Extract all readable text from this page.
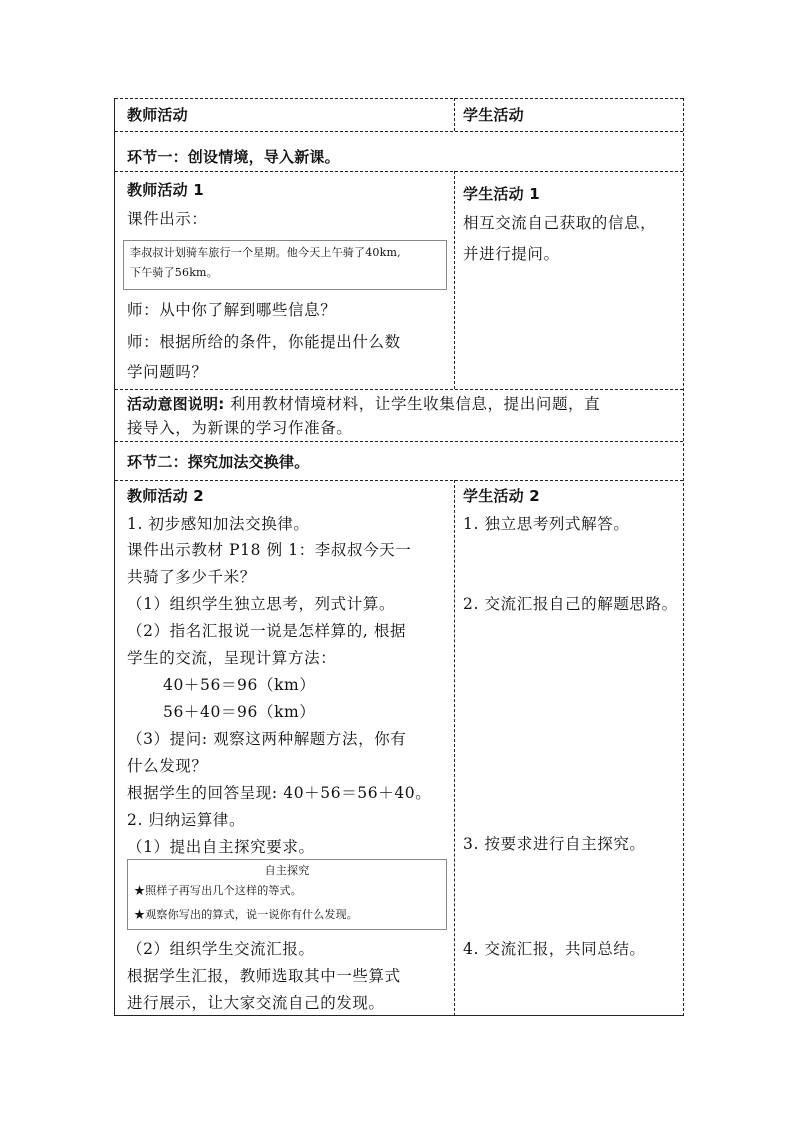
教师活动	学生活动
环节一：创设情境，导入新课。
教师活动 1
课件出示：
李叔叔计划骑车旅行一个星期。他今天上午骑了40km,
下午骑了56km。
师：从中你了解到哪些信息？
师：根据所给的条件，你能提出什么数
学问题吗？
学生活动 1
相互交流自己获取的信息，
并进行提问。
活动意图说明: 利用教材情境材料，让学生收集信息，提出问题，直
接导入，为新课的学习作准备。
环节二：探究加法交换律。
教师活动 2
1. 初步感知加法交换律。
课件出示教材 P18 例 1：李叔叔今天一
共骑了多少千米？
（1）组织学生独立思考，列式计算。
（2）指名汇报说一说是怎样算的, 根据
学生的交流，呈现计算方法：
40＋56＝96（km）
56＋40＝96（km）
（3）提问: 观察这两种解题方法，你有
什么发现？
根据学生的回答呈现: 40＋56＝56＋40。
2. 归纳运算律。
（1）提出自主探究要求。
自主探究
★照样子再写出几个这样的等式。
★观察你写出的算式，说一说你有什么发现。
（2）组织学生交流汇报。
根据学生汇报，教师选取其中一些算式
进行展示，让大家交流自己的发现。
学生活动 2
1. 独立思考列式解答。
2. 交流汇报自己的解题思路。
3. 按要求进行自主探究。
4. 交流汇报，共同总结。
